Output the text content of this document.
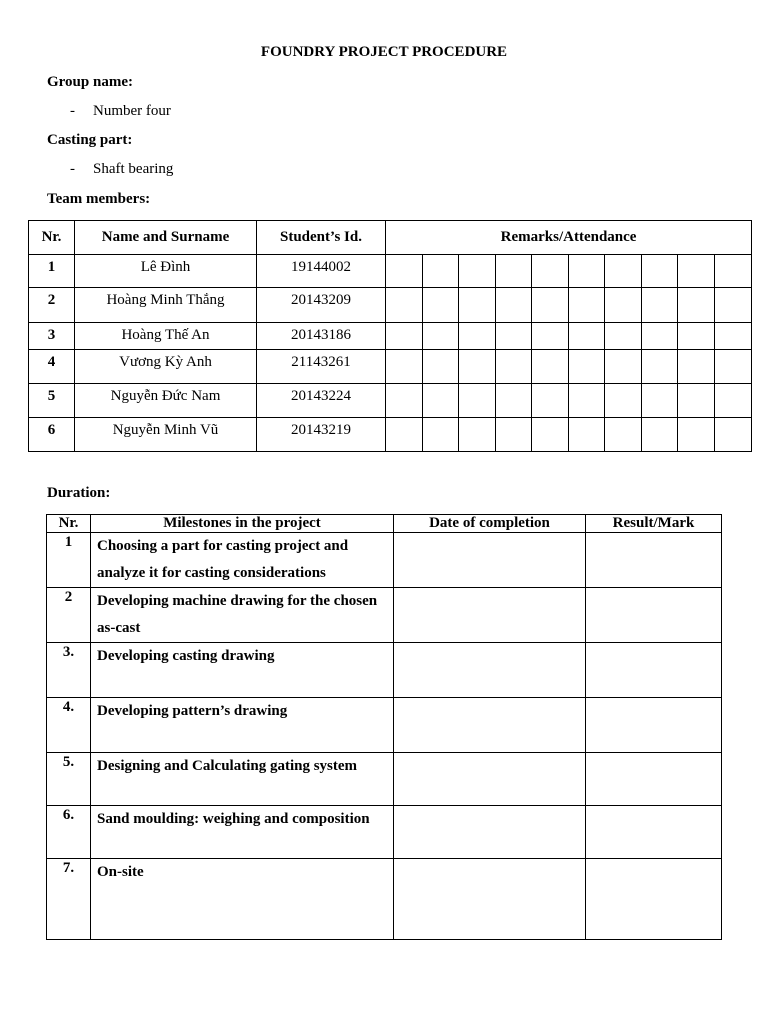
FOUNDRY PROJECT PROCEDURE
Group name:
- Number four
Casting part:
- Shaft bearing
Team members:
Nr.	Name and Surname	Student’s Id.	Remarks/Attendance									

1	Lê Đình	19144002										

2	Hoàng Minh Thắng	20143209										

3	Hoàng Thế An	20143186										

4	Vương Kỳ Anh	21143261										

5	Nguyễn Đức Nam	20143224										

6	Nguyễn Minh Vũ	20143219										

Duration:
Nr.	Milestones in the project	Date of completion	Result/Mark

1	Choosing a part for casting project and analyze it for casting considerations		

2	Developing machine drawing for the chosen as-cast		

3.	Developing casting drawing		

4.	Developing pattern’s drawing		

5.	Designing and Calculating gating system		

6.	Sand moulding: weighing and composition		

7.	On-site		
